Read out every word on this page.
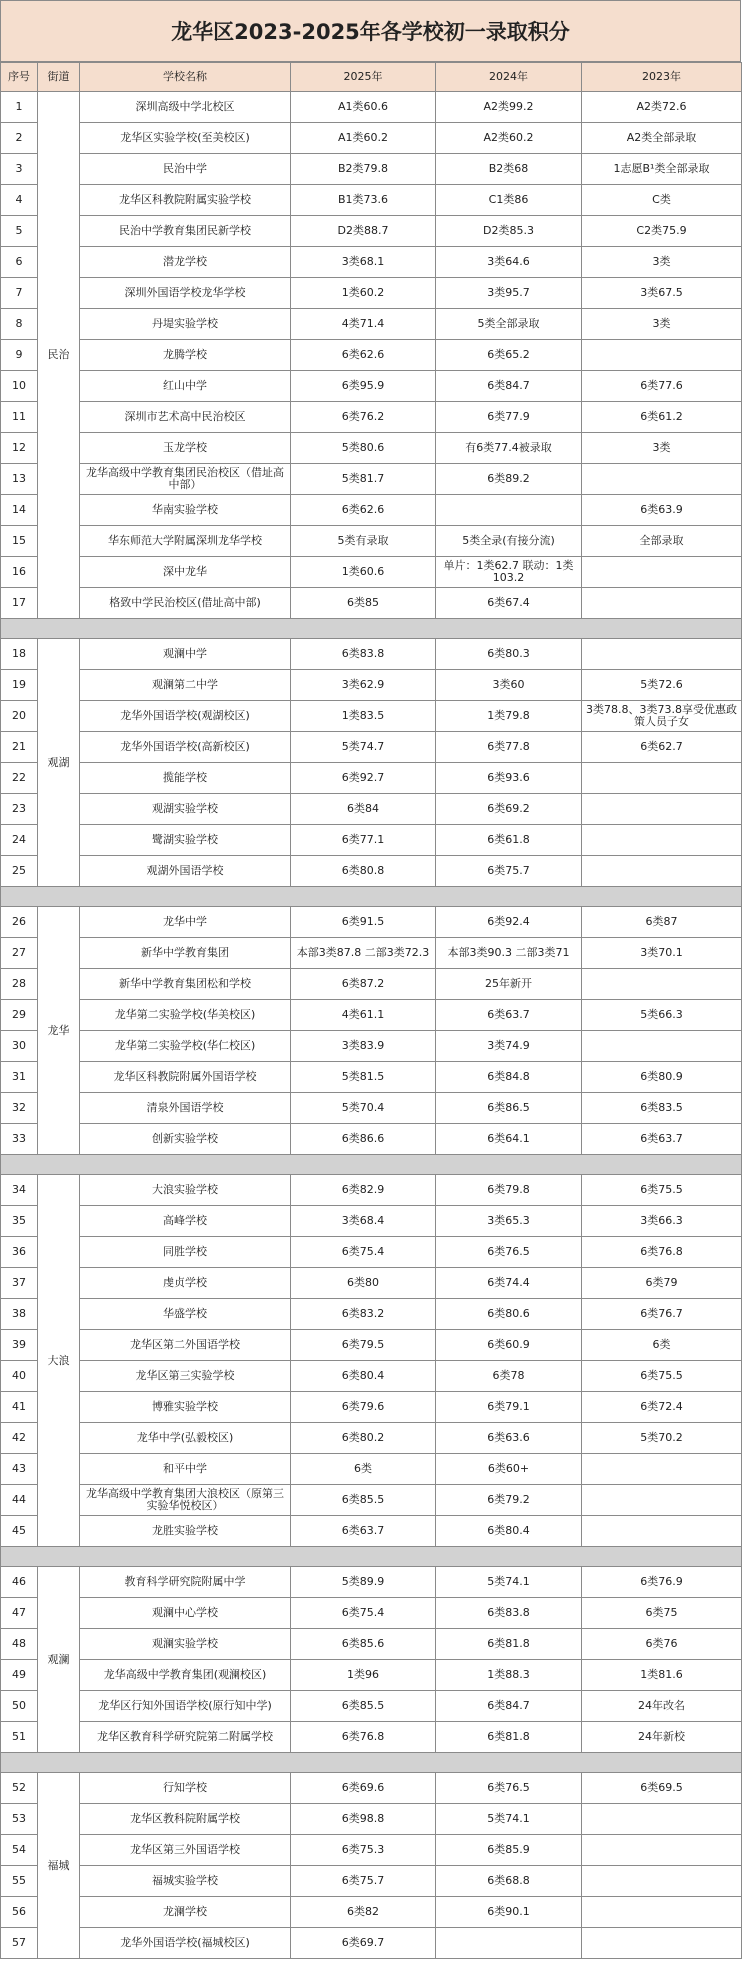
龙华区2023-2025年各学校初一录取积分
序号	街道	学校名称	2025年	2024年	2023年
1	民治	深圳高级中学北校区	A1类60.6	A2类99.2	A2类72.6
2		龙华区实验学校(至美校区)	A1类60.2	A2类60.2	A2类全部录取
3		民治中学	B2类79.8	B2类68	1志愿B¹类全部录取
4		龙华区科教院附属实验学校	B1类73.6	C1类86	C类
5		民治中学教育集团民新学校	D2类88.7	D2类85.3	C2类75.9
6		潜龙学校	3类68.1	3类64.6	3类
7		深圳外国语学校龙华学校	1类60.2	3类95.7	3类67.5
8		丹堤实验学校	4类71.4	5类全部录取	3类
9		龙腾学校	6类62.6	6类65.2	
10		红山中学	6类95.9	6类84.7	6类77.6
11		深圳市艺术高中民治校区	6类76.2	6类77.9	6类61.2
12		玉龙学校	5类80.6	有6类77.4被录取	3类
13		龙华高级中学教育集团民治校区（借址高中部）	5类81.7	6类89.2	
14		华南实验学校	6类62.6		6类63.9
15		华东师范大学附属深圳龙华学校	5类有录取	5类全录(有接分流)	全部录取
16		深中龙华	1类60.6	单片：1类62.7 联动：1类103.2	
17		格致中学民治校区(借址高中部)	6类85	6类67.4	

18	观湖	观澜中学	6类83.8	6类80.3	
19		观澜第二中学	3类62.9	3类60	5类72.6
20		龙华外国语学校(观湖校区)	1类83.5	1类79.8	3类78.8、3类73.8享受优惠政策人员子女
21		龙华外国语学校(高新校区)	5类74.7	6类77.8	6类62.7
22		揽能学校	6类92.7	6类93.6	
23		观湖实验学校	6类84	6类69.2	
24		鹭湖实验学校	6类77.1	6类61.8	
25		观湖外国语学校	6类80.8	6类75.7	

26	龙华	龙华中学	6类91.5	6类92.4	6类87
27		新华中学教育集团	本部3类87.8 二部3类72.3	本部3类90.3 二部3类71	3类70.1
28		新华中学教育集团松和学校	6类87.2	25年新开	
29		龙华第二实验学校(华美校区)	4类61.1	6类63.7	5类66.3
30		龙华第二实验学校(华仁校区)	3类83.9	3类74.9	
31		龙华区科教院附属外国语学校	5类81.5	6类84.8	6类80.9
32		清泉外国语学校	5类70.4	6类86.5	6类83.5
33		创新实验学校	6类86.6	6类64.1	6类63.7

34	大浪	大浪实验学校	6类82.9	6类79.8	6类75.5
35		高峰学校	3类68.4	3类65.3	3类66.3
36		同胜学校	6类75.4	6类76.5	6类76.8
37		虔贞学校	6类80	6类74.4	6类79
38		华盛学校	6类83.2	6类80.6	6类76.7
39		龙华区第二外国语学校	6类79.5	6类60.9	6类
40		龙华区第三实验学校	6类80.4	6类78	6类75.5
41		博雅实验学校	6类79.6	6类79.1	6类72.4
42		龙华中学(弘毅校区)	6类80.2	6类63.6	5类70.2
43		和平中学	6类	6类60+	
44		龙华高级中学教育集团大浪校区（原第三实验华悦校区）	6类85.5	6类79.2	
45		龙胜实验学校	6类63.7	6类80.4	

46	观澜	教育科学研究院附属中学	5类89.9	5类74.1	6类76.9
47		观澜中心学校	6类75.4	6类83.8	6类75
48		观澜实验学校	6类85.6	6类81.8	6类76
49		龙华高级中学教育集团(观澜校区)	1类96	1类88.3	1类81.6
50		龙华区行知外国语学校(原行知中学)	6类85.5	6类84.7	24年改名
51		龙华区教育科学研究院第二附属学校	6类76.8	6类81.8	24年新校

52	福城	行知学校	6类69.6	6类76.5	6类69.5
53		龙华区教科院附属学校	6类98.8	5类74.1	
54		龙华区第三外国语学校	6类75.3	6类85.9	
55		福城实验学校	6类75.7	6类68.8	
56		龙澜学校	6类82	6类90.1	
57		龙华外国语学校(福城校区)	6类69.7		
